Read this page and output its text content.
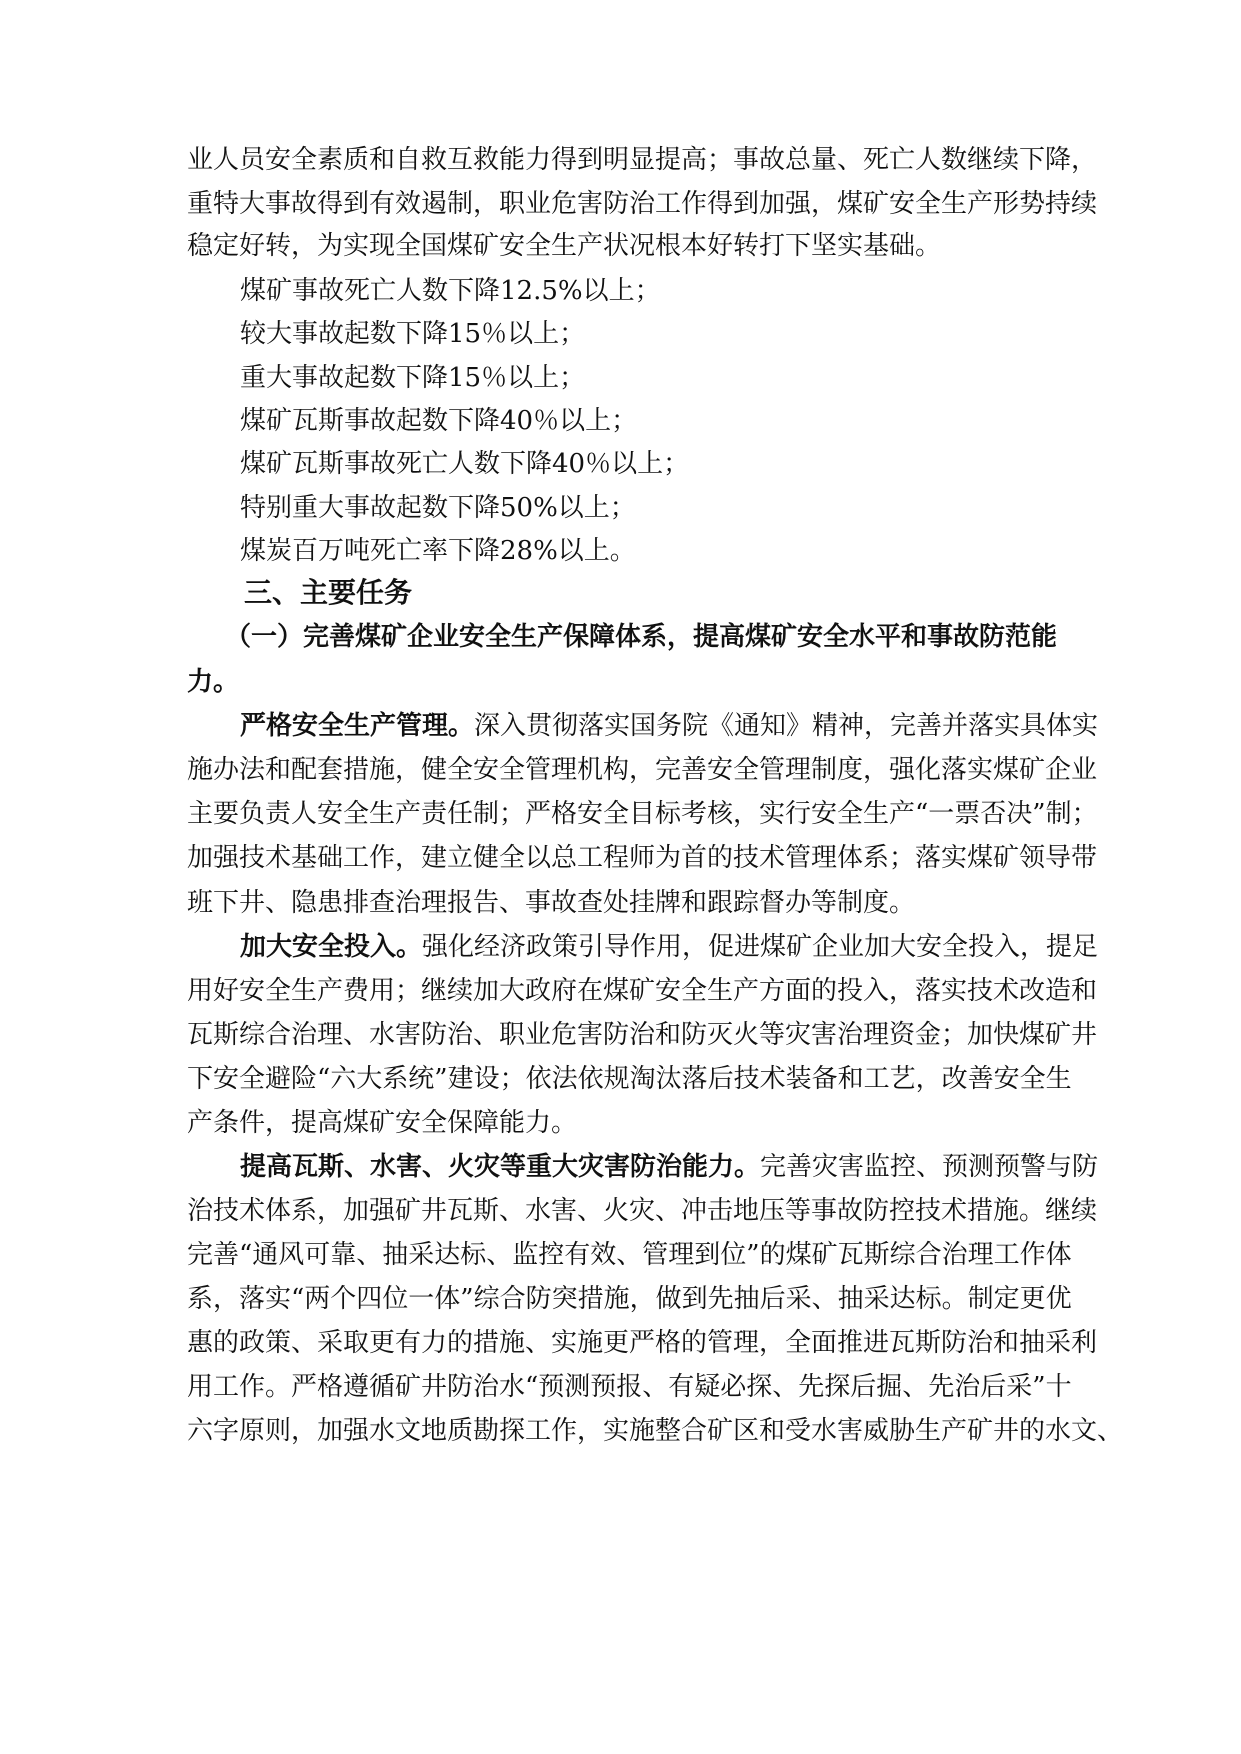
业人员安全素质和自救互救能力得到明显提高；事故总量、死亡人数继续下降，
重特大事故得到有效遏制，职业危害防治工作得到加强，煤矿安全生产形势持续
稳定好转，为实现全国煤矿安全生产状况根本好转打下坚实基础。
煤矿事故死亡人数下降12.5%以上；
较大事故起数下降15％以上；
重大事故起数下降15％以上；
煤矿瓦斯事故起数下降40％以上；
煤矿瓦斯事故死亡人数下降40％以上；
特别重大事故起数下降50%以上；
煤炭百万吨死亡率下降28%以上。
三、主要任务
（一）完善煤矿企业安全生产保障体系，提高煤矿安全水平和事故防范能
力。
严格安全生产管理。深入贯彻落实国务院《通知》精神，完善并落实具体实
施办法和配套措施，健全安全管理机构，完善安全管理制度，强化落实煤矿企业
主要负责人安全生产责任制；严格安全目标考核，实行安全生产“一票否决”制；
加强技术基础工作，建立健全以总工程师为首的技术管理体系；落实煤矿领导带
班下井、隐患排查治理报告、事故查处挂牌和跟踪督办等制度。
加大安全投入。强化经济政策引导作用，促进煤矿企业加大安全投入，提足
用好安全生产费用；继续加大政府在煤矿安全生产方面的投入，落实技术改造和
瓦斯综合治理、水害防治、职业危害防治和防灭火等灾害治理资金；加快煤矿井
下安全避险“六大系统”建设；依法依规淘汰落后技术装备和工艺，改善安全生
产条件，提高煤矿安全保障能力。
提高瓦斯、水害、火灾等重大灾害防治能力。完善灾害监控、预测预警与防
治技术体系，加强矿井瓦斯、水害、火灾、冲击地压等事故防控技术措施。继续
完善“通风可靠、抽采达标、监控有效、管理到位”的煤矿瓦斯综合治理工作体
系，落实“两个四位一体”综合防突措施，做到先抽后采、抽采达标。制定更优
惠的政策、采取更有力的措施、实施更严格的管理，全面推进瓦斯防治和抽采利
用工作。严格遵循矿井防治水“预测预报、有疑必探、先探后掘、先治后采”十
六字原则，加强水文地质勘探工作，实施整合矿区和受水害威胁生产矿井的水文、
